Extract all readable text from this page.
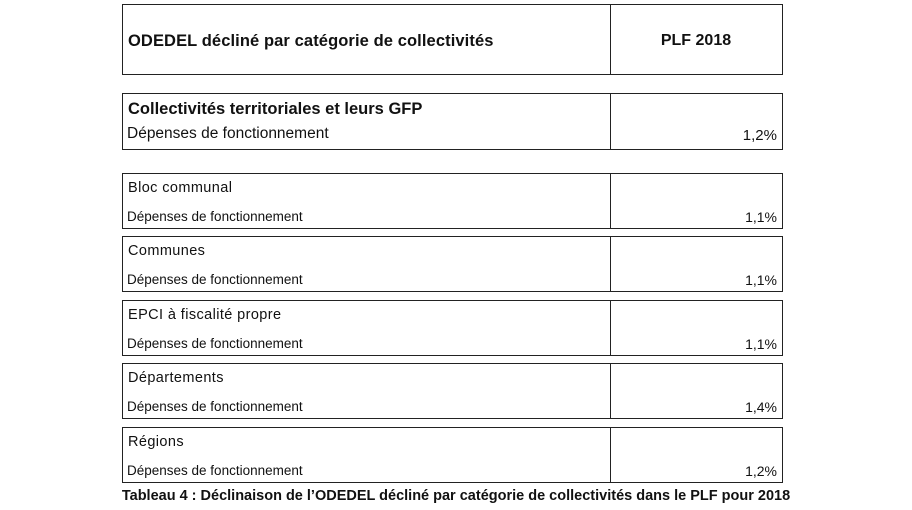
ODEDEL décliné par catégorie de collectivités	PLF 2018
Collectivités territoriales et leurs GFP
Dépenses de fonctionnement	1,2%
Bloc communal
Dépenses de fonctionnement	1,1%
Communes
Dépenses de fonctionnement	1,1%
EPCI à fiscalité propre
Dépenses de fonctionnement	1,1%
Départements
Dépenses de fonctionnement	1,4%
Régions
Dépenses de fonctionnement	1,2%
Tableau 4 : Déclinaison de l’ODEDEL décliné par catégorie de collectivités dans le PLF pour 2018
